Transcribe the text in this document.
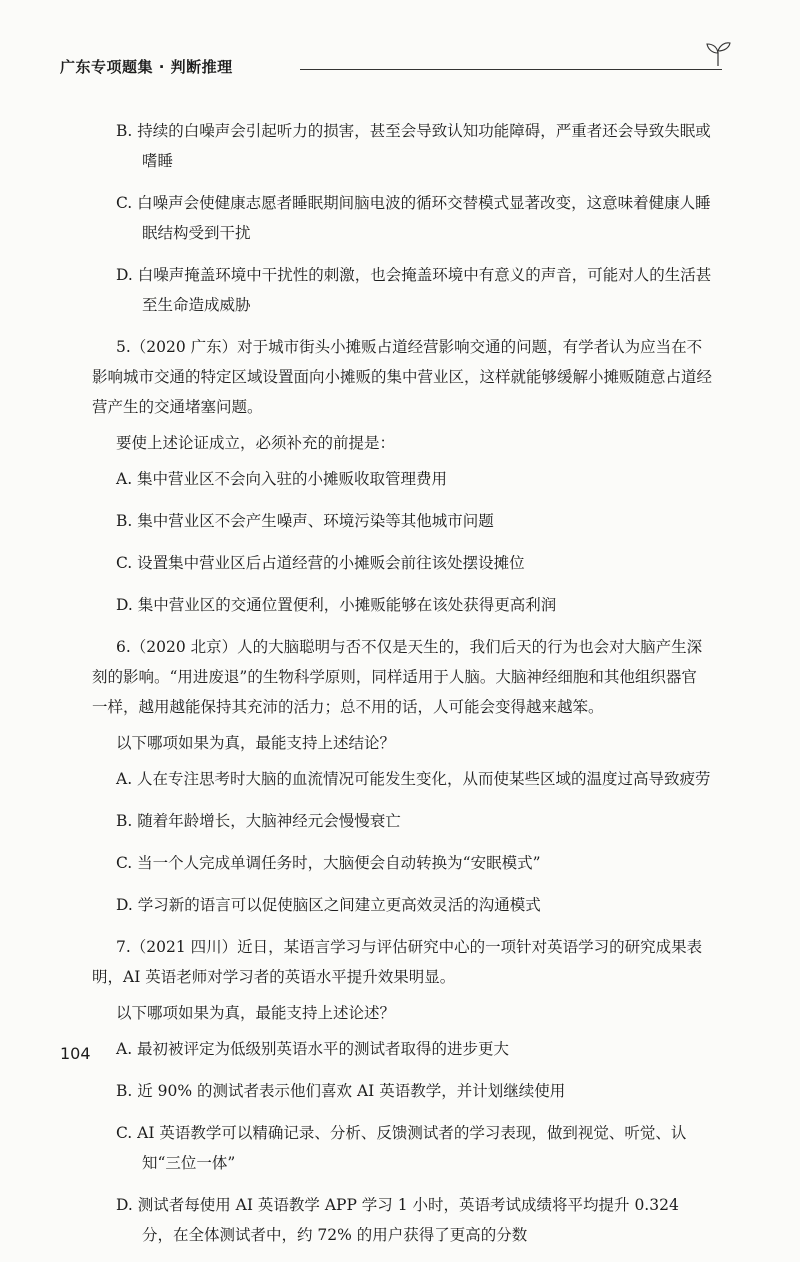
广东专项题集 · 判断推理

B. 持续的白噪声会引起听力的损害，甚至会导致认知功能障碍，严重者还会导致失眠或嗜睡

C. 白噪声会使健康志愿者睡眠期间脑电波的循环交替模式显著改变，这意味着健康人睡眠结构受到干扰

D. 白噪声掩盖环境中干扰性的刺激，也会掩盖环境中有意义的声音，可能对人的生活甚至生命造成威胁

5.（2020 广东）对于城市街头小摊贩占道经营影响交通的问题，有学者认为应当在不影响城市交通的特定区域设置面向小摊贩的集中营业区，这样就能够缓解小摊贩随意占道经营产生的交通堵塞问题。

要使上述论证成立，必须补充的前提是：

A. 集中营业区不会向入驻的小摊贩收取管理费用

B. 集中营业区不会产生噪声、环境污染等其他城市问题

C. 设置集中营业区后占道经营的小摊贩会前往该处摆设摊位

D. 集中营业区的交通位置便利，小摊贩能够在该处获得更高利润

6.（2020 北京）人的大脑聪明与否不仅是天生的，我们后天的行为也会对大脑产生深刻的影响。“用进废退”的生物科学原则，同样适用于人脑。大脑神经细胞和其他组织器官一样，越用越能保持其充沛的活力；总不用的话，人可能会变得越来越笨。

以下哪项如果为真，最能支持上述结论？

A. 人在专注思考时大脑的血流情况可能发生变化，从而使某些区域的温度过高导致疲劳

B. 随着年龄增长，大脑神经元会慢慢衰亡

C. 当一个人完成单调任务时，大脑便会自动转换为“安眠模式”

D. 学习新的语言可以促使脑区之间建立更高效灵活的沟通模式

7.（2021 四川）近日，某语言学习与评估研究中心的一项针对英语学习的研究成果表明，AI 英语老师对学习者的英语水平提升效果明显。

以下哪项如果为真，最能支持上述论述？

A. 最初被评定为低级别英语水平的测试者取得的进步更大

B. 近 90% 的测试者表示他们喜欢 AI 英语教学，并计划继续使用

C. AI 英语教学可以精确记录、分析、反馈测试者的学习表现，做到视觉、听觉、认知“三位一体”

D. 测试者每使用 AI 英语教学 APP 学习 1 小时，英语考试成绩将平均提升 0.324 分，在全体测试者中，约 72% 的用户获得了更高的分数

104
